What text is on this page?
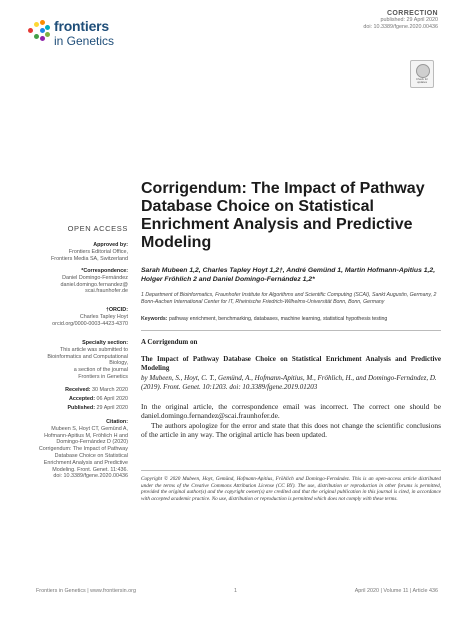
frontiers
in Genetics
CORRECTION
published: 29 April 2020
doi: 10.3389/fgene.2020.00436
Check for updates
Corrigendum: The Impact of Pathway Database Choice on Statistical Enrichment Analysis and Predictive Modeling
Sarah Mubeen 1,2, Charles Tapley Hoyt 1,2†, André Gemünd 1, Martin Hofmann-Apitius 1,2,
Holger Fröhlich 2 and Daniel Domingo-Fernández 1,2*
1 Department of Bioinformatics, Fraunhofer Institute for Algorithms and Scientific Computing (SCAI), Sankt Augustin, Germany, 2 Bonn-Aachen International Center for IT, Rheinische Friedrich-Wilhelms-Universität Bonn, Bonn, Germany
Keywords: pathway enrichment, benchmarking, databases, machine learning, statistical hypothesis testing
A Corrigendum on
The Impact of Pathway Database Choice on Statistical Enrichment Analysis and Predictive Modeling
by Mubeen, S., Hoyt, C. T., Gemünd, A., Hofmann-Apitius, M., Fröhlich, H., and Domingo-Fernández, D. (2019). Front. Genet. 10:1203. doi: 10.3389/fgene.2019.01203
In the original article, the correspondence email was incorrect. The correct one should be daniel.domingo.fernandez@scai.fraunhofer.de.
The authors apologize for the error and state that this does not change the scientific conclusions of the article in any way. The original article has been updated.
Copyright © 2020 Mubeen, Hoyt, Gemünd, Hofmann-Apitius, Fröhlich and Domingo-Fernández. This is an open-access article distributed under the terms of the Creative Commons Attribution License (CC BY). The use, distribution or reproduction in other forums is permitted, provided the original author(s) and the copyright owner(s) are credited and that the original publication in this journal is cited, in accordance with accepted academic practice. No use, distribution or reproduction is permitted which does not comply with these terms.
OPEN ACCESS
Approved by:
Frontiers Editorial Office,
Frontiers Media SA, Switzerland
*Correspondence:
Daniel Domingo-Fernández
daniel.domingo.fernandez@
scai.fraunhofer.de
†ORCID:
Charles Tapley Hoyt
orcid.org/0000-0003-4423-4370
Specialty section:
This article was submitted to
Bioinformatics and Computational
Biology,
a section of the journal
Frontiers in Genetics
Received: 30 March 2020
Accepted: 06 April 2020
Published: 29 April 2020
Citation:
Mubeen S, Hoyt CT, Gemünd A,
Hofmann-Apitius M, Fröhlich H and
Domingo-Fernández D (2020)
Corrigendum: The Impact of Pathway
Database Choice on Statistical
Enrichment Analysis and Predictive
Modeling. Front. Genet. 11:436.
doi: 10.3389/fgene.2020.00436
Frontiers in Genetics | www.frontiersin.org	1	April 2020 | Volume 11 | Article 436
